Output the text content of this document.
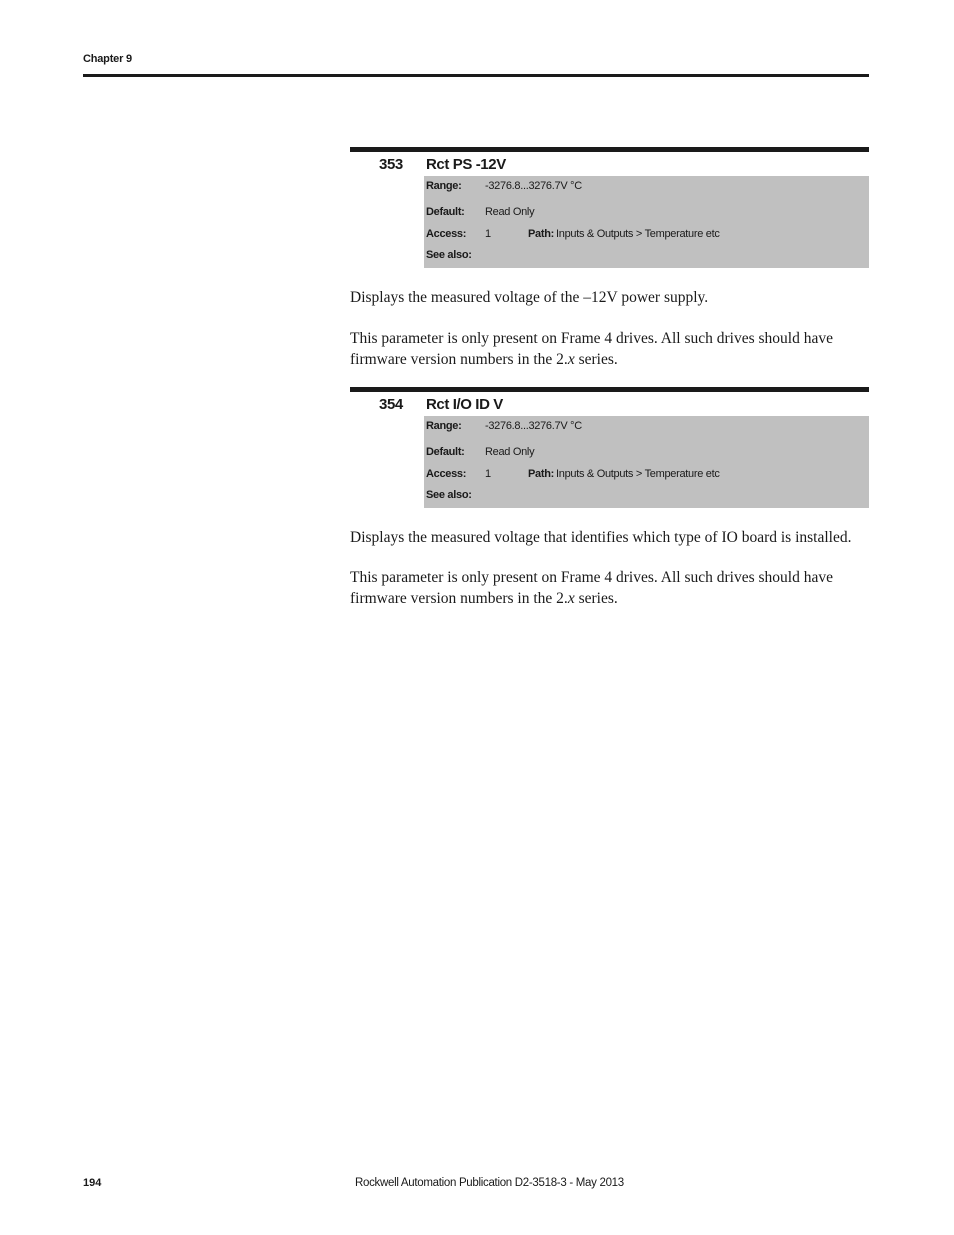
Chapter 9
353 Rct PS -12V
Range: -3276.8...3276.7V °C
Default: Read Only
Access: 1	Path: Inputs & Outputs > Temperature etc
See also:
Displays the measured voltage of the –12V power supply.
This parameter is only present on Frame 4 drives. All such drives should have firmware version numbers in the 2.x series.
354 Rct I/O ID V
Range: -3276.8...3276.7V °C
Default: Read Only
Access: 1	Path: Inputs & Outputs > Temperature etc
See also:
Displays the measured voltage that identifies which type of IO board is installed.
This parameter is only present on Frame 4 drives. All such drives should have firmware version numbers in the 2.x series.
194	Rockwell Automation Publication D2-3518-3 - May 2013
